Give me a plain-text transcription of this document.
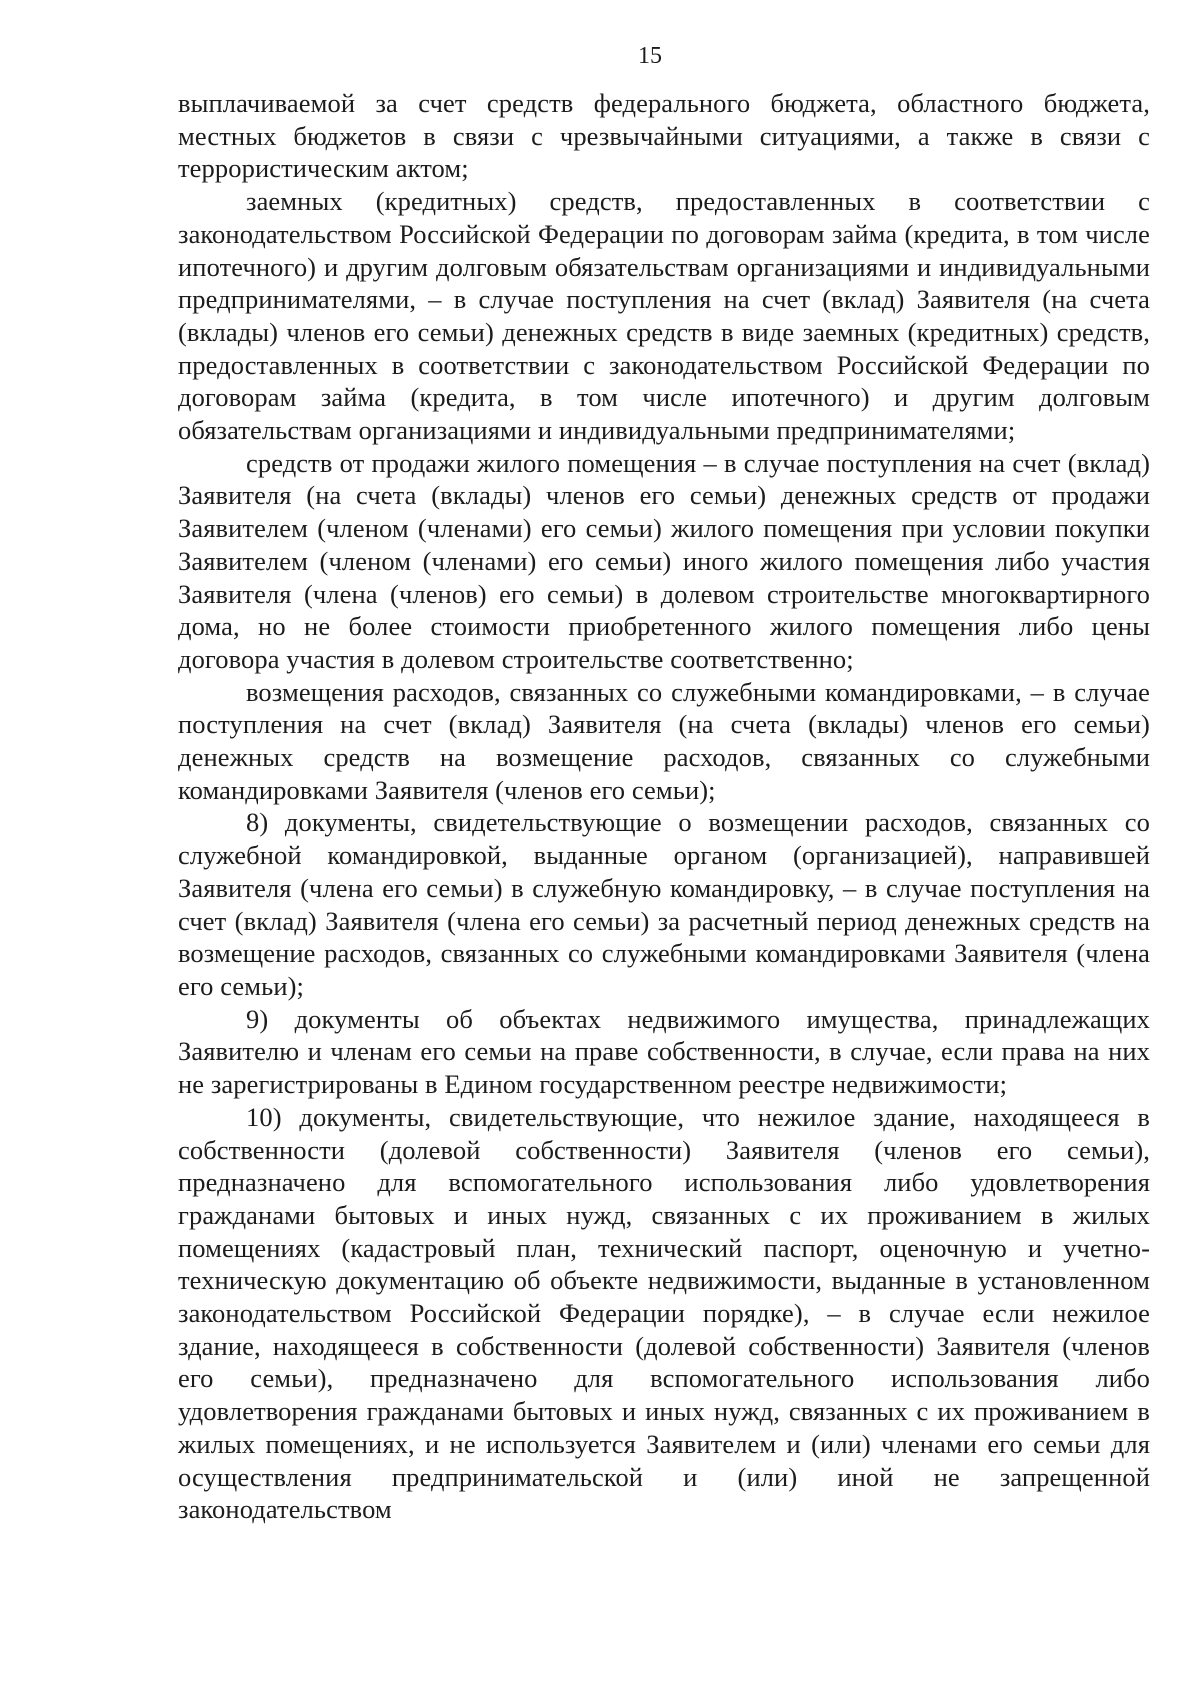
15

выплачиваемой за счет средств федерального бюджета, областного бюджета, местных бюджетов в связи с чрезвычайными ситуациями, а также в связи с террористическим актом;

заемных (кредитных) средств, предоставленных в соответствии с законодательством Российской Федерации по договорам займа (кредита, в том числе ипотечного) и другим долговым обязательствам организациями и индивидуальными предпринимателями, – в случае поступления на счет (вклад) Заявителя (на счета (вклады) членов его семьи) денежных средств в виде заемных (кредитных) средств, предоставленных в соответствии с законодательством Российской Федерации по договорам займа (кредита, в том числе ипотечного) и другим долговым обязательствам организациями и индивидуальными предпринимателями;

средств от продажи жилого помещения – в случае поступления на счет (вклад) Заявителя (на счета (вклады) членов его семьи) денежных средств от продажи Заявителем (членом (членами) его семьи) жилого помещения при условии покупки Заявителем (членом (членами) его семьи) иного жилого помещения либо участия Заявителя (члена (членов) его семьи) в долевом строительстве многоквартирного дома, но не более стоимости приобретенного жилого помещения либо цены договора участия в долевом строительстве соответственно;

возмещения расходов, связанных со служебными командировками, – в случае поступления на счет (вклад) Заявителя (на счета (вклады) членов его семьи) денежных средств на возмещение расходов, связанных со служебными командировками Заявителя (членов его семьи);

8) документы, свидетельствующие о возмещении расходов, связанных со служебной командировкой, выданные органом (организацией), направившей Заявителя (члена его семьи) в служебную командировку, – в случае поступления на счет (вклад) Заявителя (члена его семьи) за расчетный период денежных средств на возмещение расходов, связанных со служебными командировками Заявителя (члена его семьи);

9) документы об объектах недвижимого имущества, принадлежащих Заявителю и членам его семьи на праве собственности, в случае, если права на них не зарегистрированы в Едином государственном реестре недвижимости;

10) документы, свидетельствующие, что нежилое здание, находящееся в собственности (долевой собственности) Заявителя (членов его семьи), предназначено для вспомогательного использования либо удовлетворения гражданами бытовых и иных нужд, связанных с их проживанием в жилых помещениях (кадастровый план, технический паспорт, оценочную и учетно-техническую документацию об объекте недвижимости, выданные в установленном законодательством Российской Федерации порядке), – в случае если нежилое здание, находящееся в собственности (долевой собственности) Заявителя (членов его семьи), предназначено для вспомогательного использования либо удовлетворения гражданами бытовых и иных нужд, связанных с их проживанием в жилых помещениях, и не используется Заявителем и (или) членами его семьи для осуществления предпринимательской и (или) иной не запрещенной законодательством
